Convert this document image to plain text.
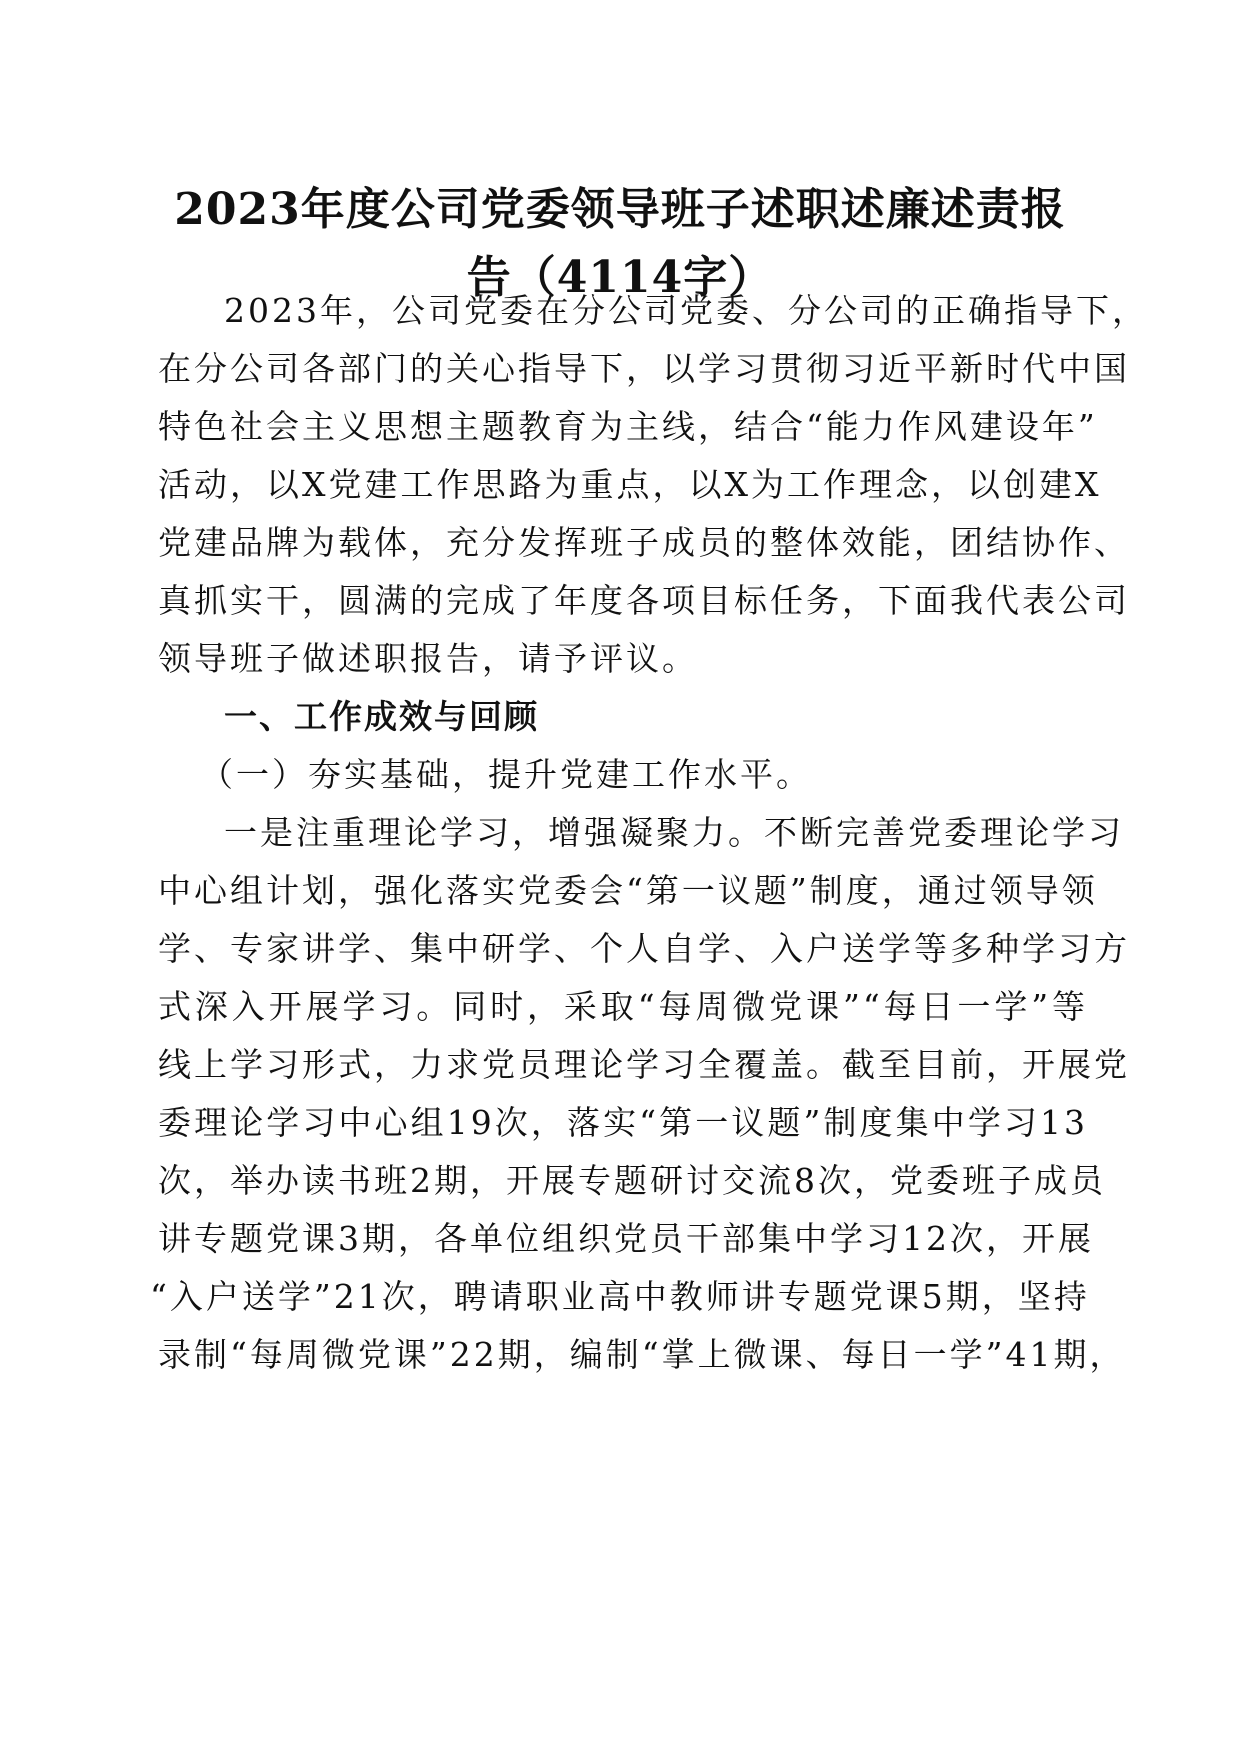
2023年度公司党委领导班子述职述廉述责报
告（4114字）
2023年，公司党委在分公司党委、分公司的正确指导下，
在分公司各部门的关心指导下，以学习贯彻习近平新时代中国
特色社会主义思想主题教育为主线，结合“能力作风建设年”
活动，以X党建工作思路为重点，以X为工作理念，以创建X
党建品牌为载体，充分发挥班子成员的整体效能，团结协作、
真抓实干，圆满的完成了年度各项目标任务，下面我代表公司
领导班子做述职报告，请予评议。
一、工作成效与回顾
（一）夯实基础，提升党建工作水平。
一是注重理论学习，增强凝聚力。不断完善党委理论学习
中心组计划，强化落实党委会“第一议题”制度，通过领导领
学、专家讲学、集中研学、个人自学、入户送学等多种学习方
式深入开展学习。同时，采取“每周微党课”“每日一学”等
线上学习形式，力求党员理论学习全覆盖。截至目前，开展党
委理论学习中心组19次，落实“第一议题”制度集中学习13
次，举办读书班2期，开展专题研讨交流8次，党委班子成员
讲专题党课3期，各单位组织党员干部集中学习12次，开展
“入户送学”21次，聘请职业高中教师讲专题党课5期，坚持
录制“每周微党课”22期，编制“掌上微课、每日一学”41期，
